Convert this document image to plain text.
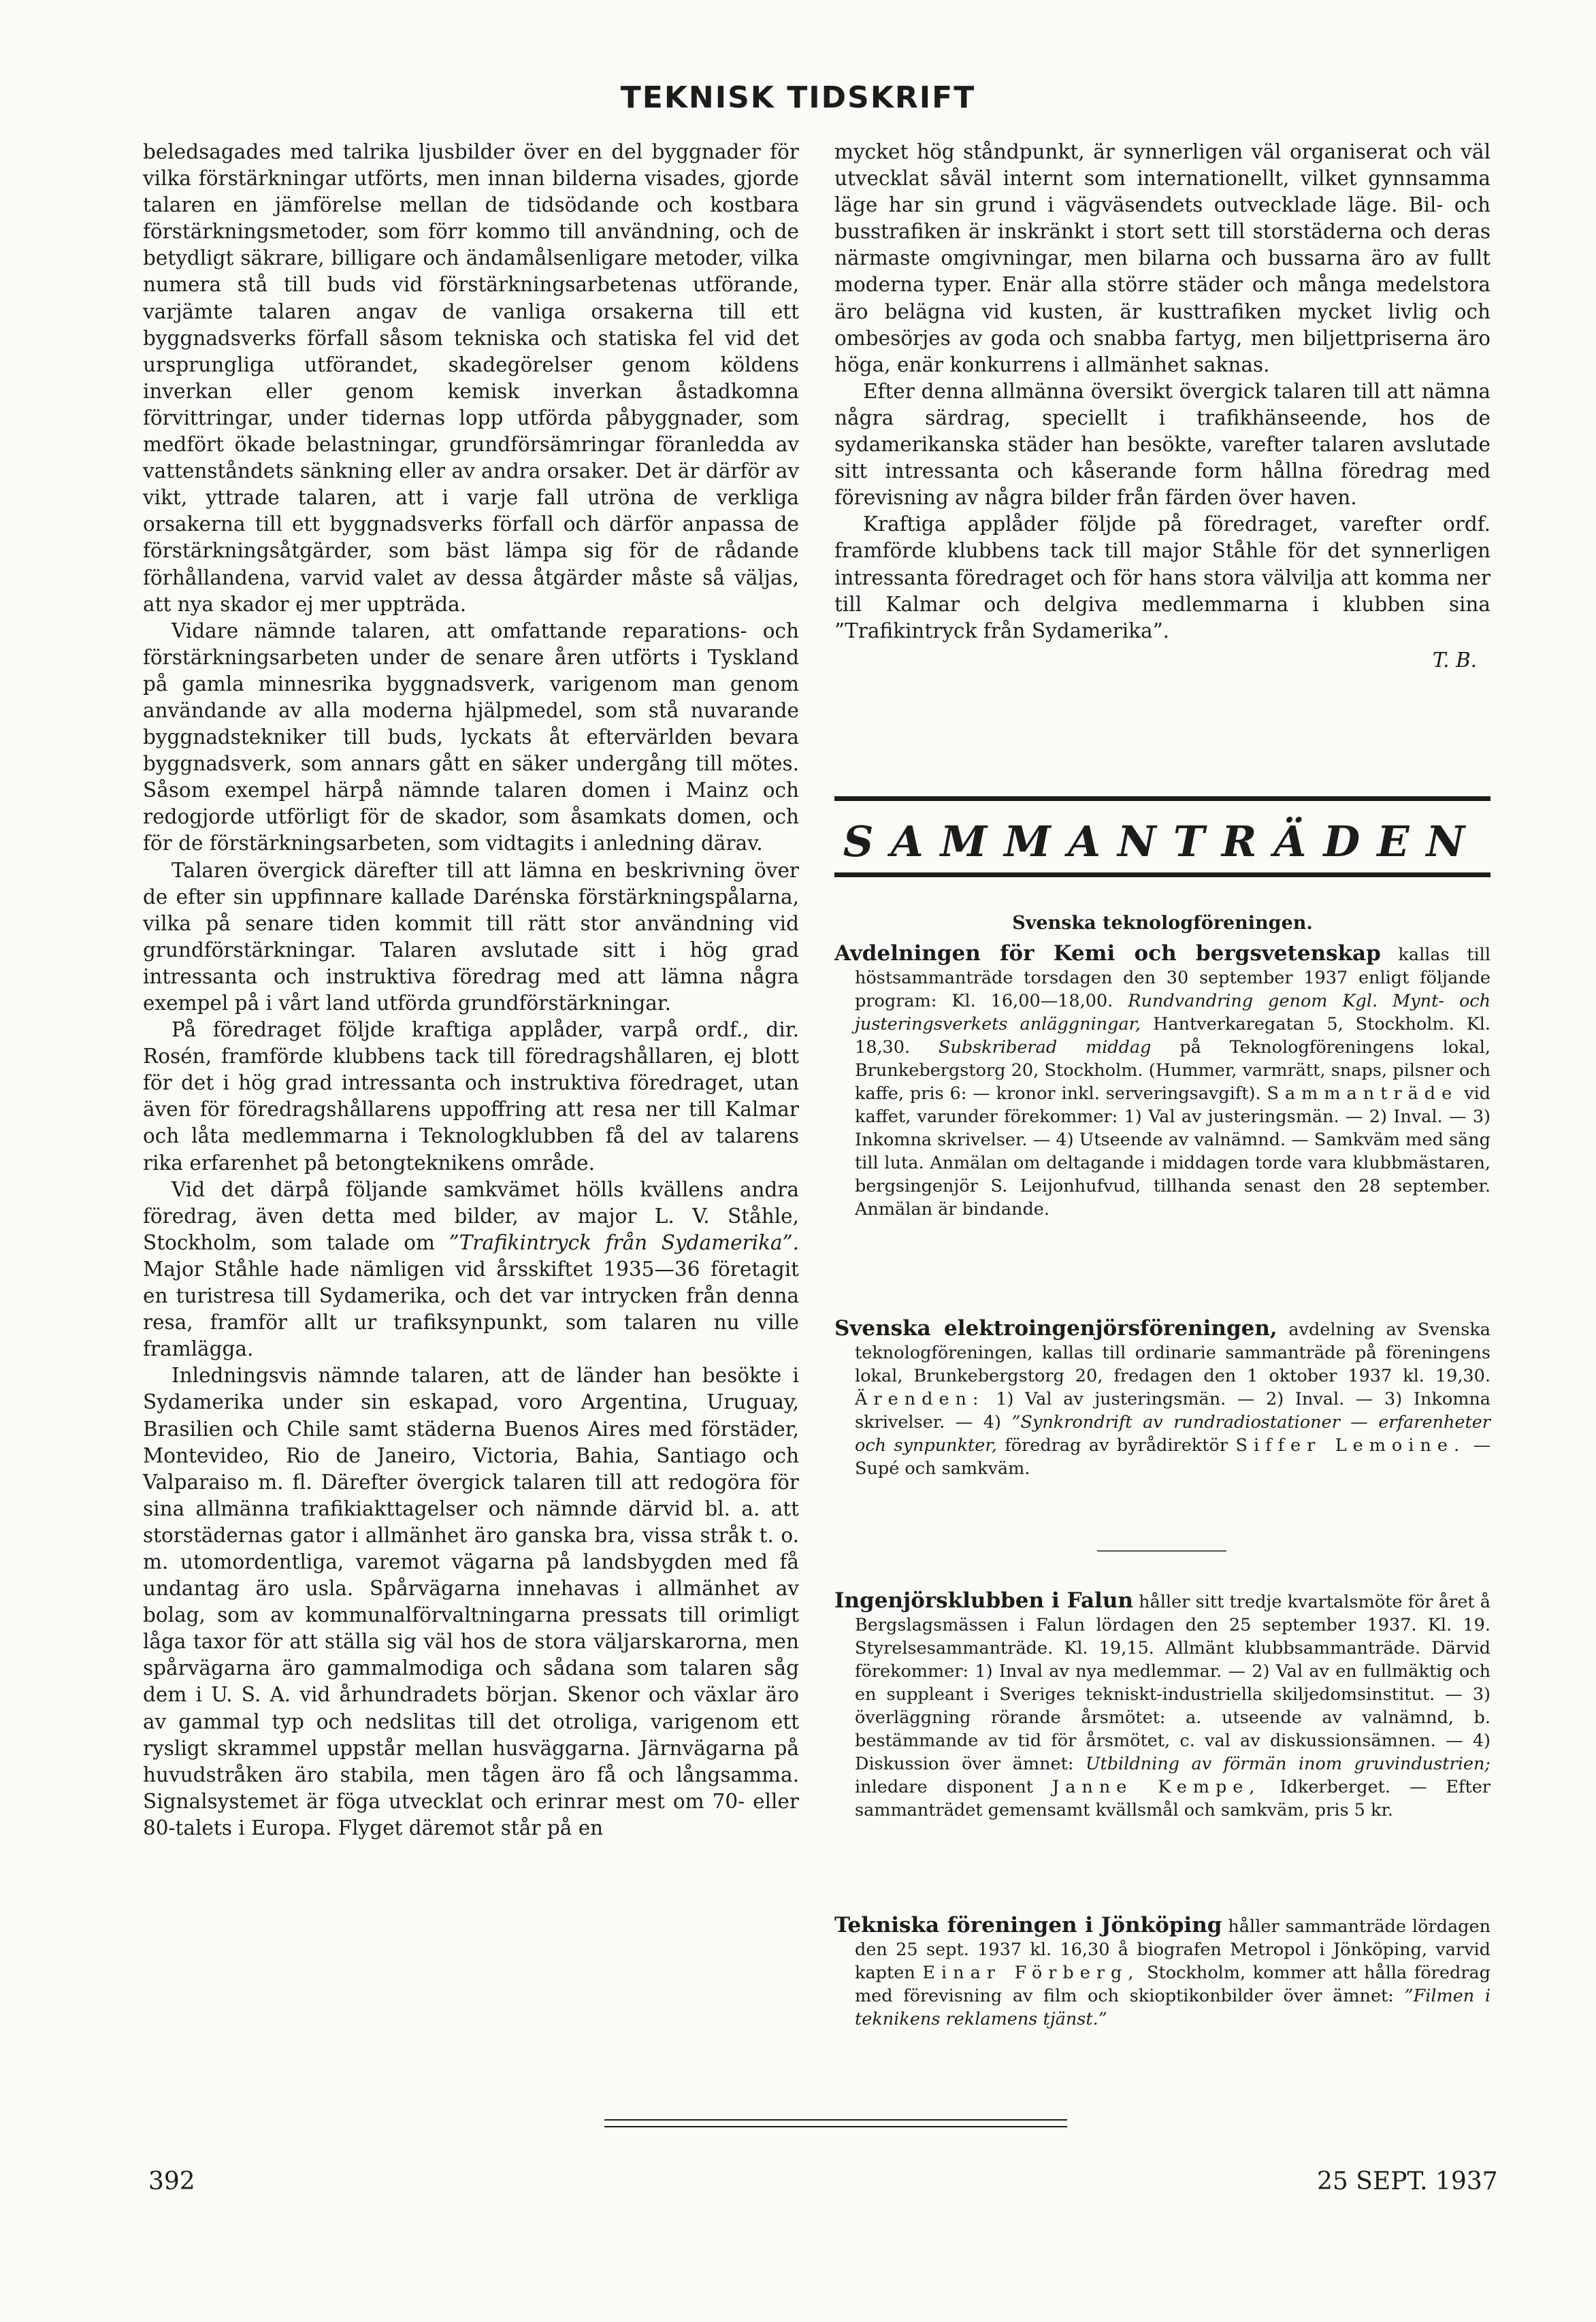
TEKNISK TIDSKRIFT

beledsagades med talrika ljusbilder över en del byggnader för vilka förstärkningar utförts, men innan bilderna visades, gjorde talaren en jämförelse mellan de tidsödande och kostbara förstärkningsmetoder, som förr kommo till användning, och de betydligt säkrare, billigare och ändamålsenligare metoder, vilka numera stå till buds vid förstärkningsarbetenas utförande, varjämte talaren angav de vanliga orsakerna till ett byggnadsverks förfall såsom tekniska och statiska fel vid det ursprungliga utförandet, skadegörelser genom köldens inverkan eller genom kemisk inverkan åstadkomna förvittringar, under tidernas lopp utförda påbyggnader, som medfört ökade belastningar, grundförsämringar föranledda av vattenståndets sänkning eller av andra orsaker. Det är därför av vikt, yttrade talaren, att i varje fall utröna de verkliga orsakerna till ett byggnadsverks förfall och därför anpassa de förstärkningsåtgärder, som bäst lämpa sig för de rådande förhållandena, varvid valet av dessa åtgärder måste så väljas, att nya skador ej mer uppträda.

Vidare nämnde talaren, att omfattande reparations- och förstärkningsarbeten under de senare åren utförts i Tyskland på gamla minnesrika byggnadsverk, varigenom man genom användande av alla moderna hjälpmedel, som stå nuvarande byggnadstekniker till buds, lyckats åt eftervärlden bevara byggnadsverk, som annars gått en säker undergång till mötes. Såsom exempel härpå nämnde talaren domen i Mainz och redogjorde utförligt för de skador, som åsamkats domen, och för de förstärkningsarbeten, som vidtagits i anledning därav.

Talaren övergick därefter till att lämna en beskrivning över de efter sin uppfinnare kallade Darénska förstärkningspålarna, vilka på senare tiden kommit till rätt stor användning vid grundförstärkningar. Talaren avslutade sitt i hög grad intressanta och instruktiva föredrag med att lämna några exempel på i vårt land utförda grundförstärkningar.

På föredraget följde kraftiga applåder, varpå ordf., dir. Rosén, framförde klubbens tack till föredragshållaren, ej blott för det i hög grad intressanta och instruktiva föredraget, utan även för föredragshållarens uppoffring att resa ner till Kalmar och låta medlemmarna i Teknologklubben få del av talarens rika erfarenhet på betongteknikens område.

Vid det därpå följande samkvämet hölls kvällens andra föredrag, även detta med bilder, av major L. V. Ståhle, Stockholm, som talade om ”Trafikintryck från Sydamerika”. Major Ståhle hade nämligen vid årsskiftet 1935—36 företagit en turistresa till Sydamerika, och det var intrycken från denna resa, framför allt ur trafiksynpunkt, som talaren nu ville framlägga.

Inledningsvis nämnde talaren, att de länder han besökte i Sydamerika under sin eskapad, voro Argentina, Uruguay, Brasilien och Chile samt städerna Buenos Aires med förstäder, Montevideo, Rio de Janeiro, Victoria, Bahia, Santiago och Valparaiso m. fl. Därefter övergick talaren till att redogöra för sina allmänna trafikiakttagelser och nämnde därvid bl. a. att storstädernas gator i allmänhet äro ganska bra, vissa stråk t. o. m. utomordentliga, varemot vägarna på landsbygden med få undantag äro usla. Spårvägarna innehavas i allmänhet av bolag, som av kommunalförvaltningarna pressats till orimligt låga taxor för att ställa sig väl hos de stora väljarskarorna, men spårvägarna äro gammalmodiga och sådana som talaren såg dem i U. S. A. vid århundradets början. Skenor och växlar äro av gammal typ och nedslitas till det otroliga, varigenom ett rysligt skrammel uppstår mellan husväggarna. Järnvägarna på huvudstråken äro stabila, men tågen äro få och långsamma. Signalsystemet är föga utvecklat och erinrar mest om 70- eller 80-talets i Europa. Flyget däremot står på en

mycket hög ståndpunkt, är synnerligen väl organiserat och väl utvecklat såväl internt som internationellt, vilket gynnsamma läge har sin grund i vägväsendets outvecklade läge. Bil- och busstrafiken är inskränkt i stort sett till storstäderna och deras närmaste omgivningar, men bilarna och bussarna äro av fullt moderna typer. Enär alla större städer och många medelstora äro belägna vid kusten, är kusttrafiken mycket livlig och ombesörjes av goda och snabba fartyg, men biljettpriserna äro höga, enär konkurrens i allmänhet saknas.

Efter denna allmänna översikt övergick talaren till att nämna några särdrag, speciellt i trafikhänseende, hos de sydamerikanska städer han besökte, varefter talaren avslutade sitt intressanta och kåserande form hållna föredrag med förevisning av några bilder från färden över haven.

Kraftiga applåder följde på föredraget, varefter ordf. framförde klubbens tack till major Ståhle för det synnerligen intressanta föredraget och för hans stora välvilja att komma ner till Kalmar och delgiva medlemmarna i klubben sina ”Trafikintryck från Sydamerika”.

T. B.
SAMMANTRÄDEN

Svenska teknologföreningen.

Avdelningen för Kemi och bergsvetenskap kallas till höstsammanträde torsdagen den 30 september 1937 enligt följande program: Kl. 16,00—18,00. Rundvandring genom Kgl. Mynt- och justeringsverkets anläggningar, Hantverkaregatan 5, Stockholm. Kl. 18,30. Subskriberad middag på Teknologföreningens lokal, Brunkebergstorg 20, Stockholm. (Hummer, varmrätt, snaps, pilsner och kaffe, pris 6: — kronor inkl. serveringsavgift). Sammanträde vid kaffet, varunder förekommer: 1) Val av justeringsmän. — 2) Inval. — 3) Inkomna skrivelser. — 4) Utseende av valnämnd. — Samkväm med säng till luta. Anmälan om deltagande i middagen torde vara klubbmästaren, bergsingenjör S. Leijonhufvud, tillhanda senast den 28 september. Anmälan är bindande.

Svenska elektroingenjörsföreningen, avdelning av Svenska teknologföreningen, kallas till ordinarie sammanträde på föreningens lokal, Brunkebergstorg 20, fredagen den 1 oktober 1937 kl. 19,30. Ärenden: 1) Val av justeringsmän. — 2) Inval. — 3) Inkomna skrivelser. — 4) ”Synkrondrift av rundradiostationer — erfarenheter och synpunkter, föredrag av byrådirektör Siffer Lemoine. — Supé och samkväm.

Ingenjörsklubben i Falun håller sitt tredje kvartalsmöte för året å Bergslagsmässen i Falun lördagen den 25 september 1937. Kl. 19. Styrelsesammanträde. Kl. 19,15. Allmänt klubbsammanträde. Därvid förekommer: 1) Inval av nya medlemmar. — 2) Val av en fullmäktig och en suppleant i Sveriges tekniskt-industriella skiljedomsinstitut. — 3) överläggning rörande årsmötet: a. utseende av valnämnd, b. bestämmande av tid för årsmötet, c. val av diskussionsämnen. — 4) Diskussion över ämnet: Utbildning av förmän inom gruvindustrien; inledare disponent Janne Kempe, Idkerberget. — Efter sammanträdet gemensamt kvällsmål och samkväm, pris 5 kr.

Tekniska föreningen i Jönköping håller sammanträde lördagen den 25 sept. 1937 kl. 16,30 å biografen Metropol i Jönköping, varvid kapten Einar Förberg, Stockholm, kommer att hålla föredrag med förevisning av film och skioptikonbilder över ämnet: ”Filmen i teknikens reklamens tjänst.”

392	25 SEPT. 1937
